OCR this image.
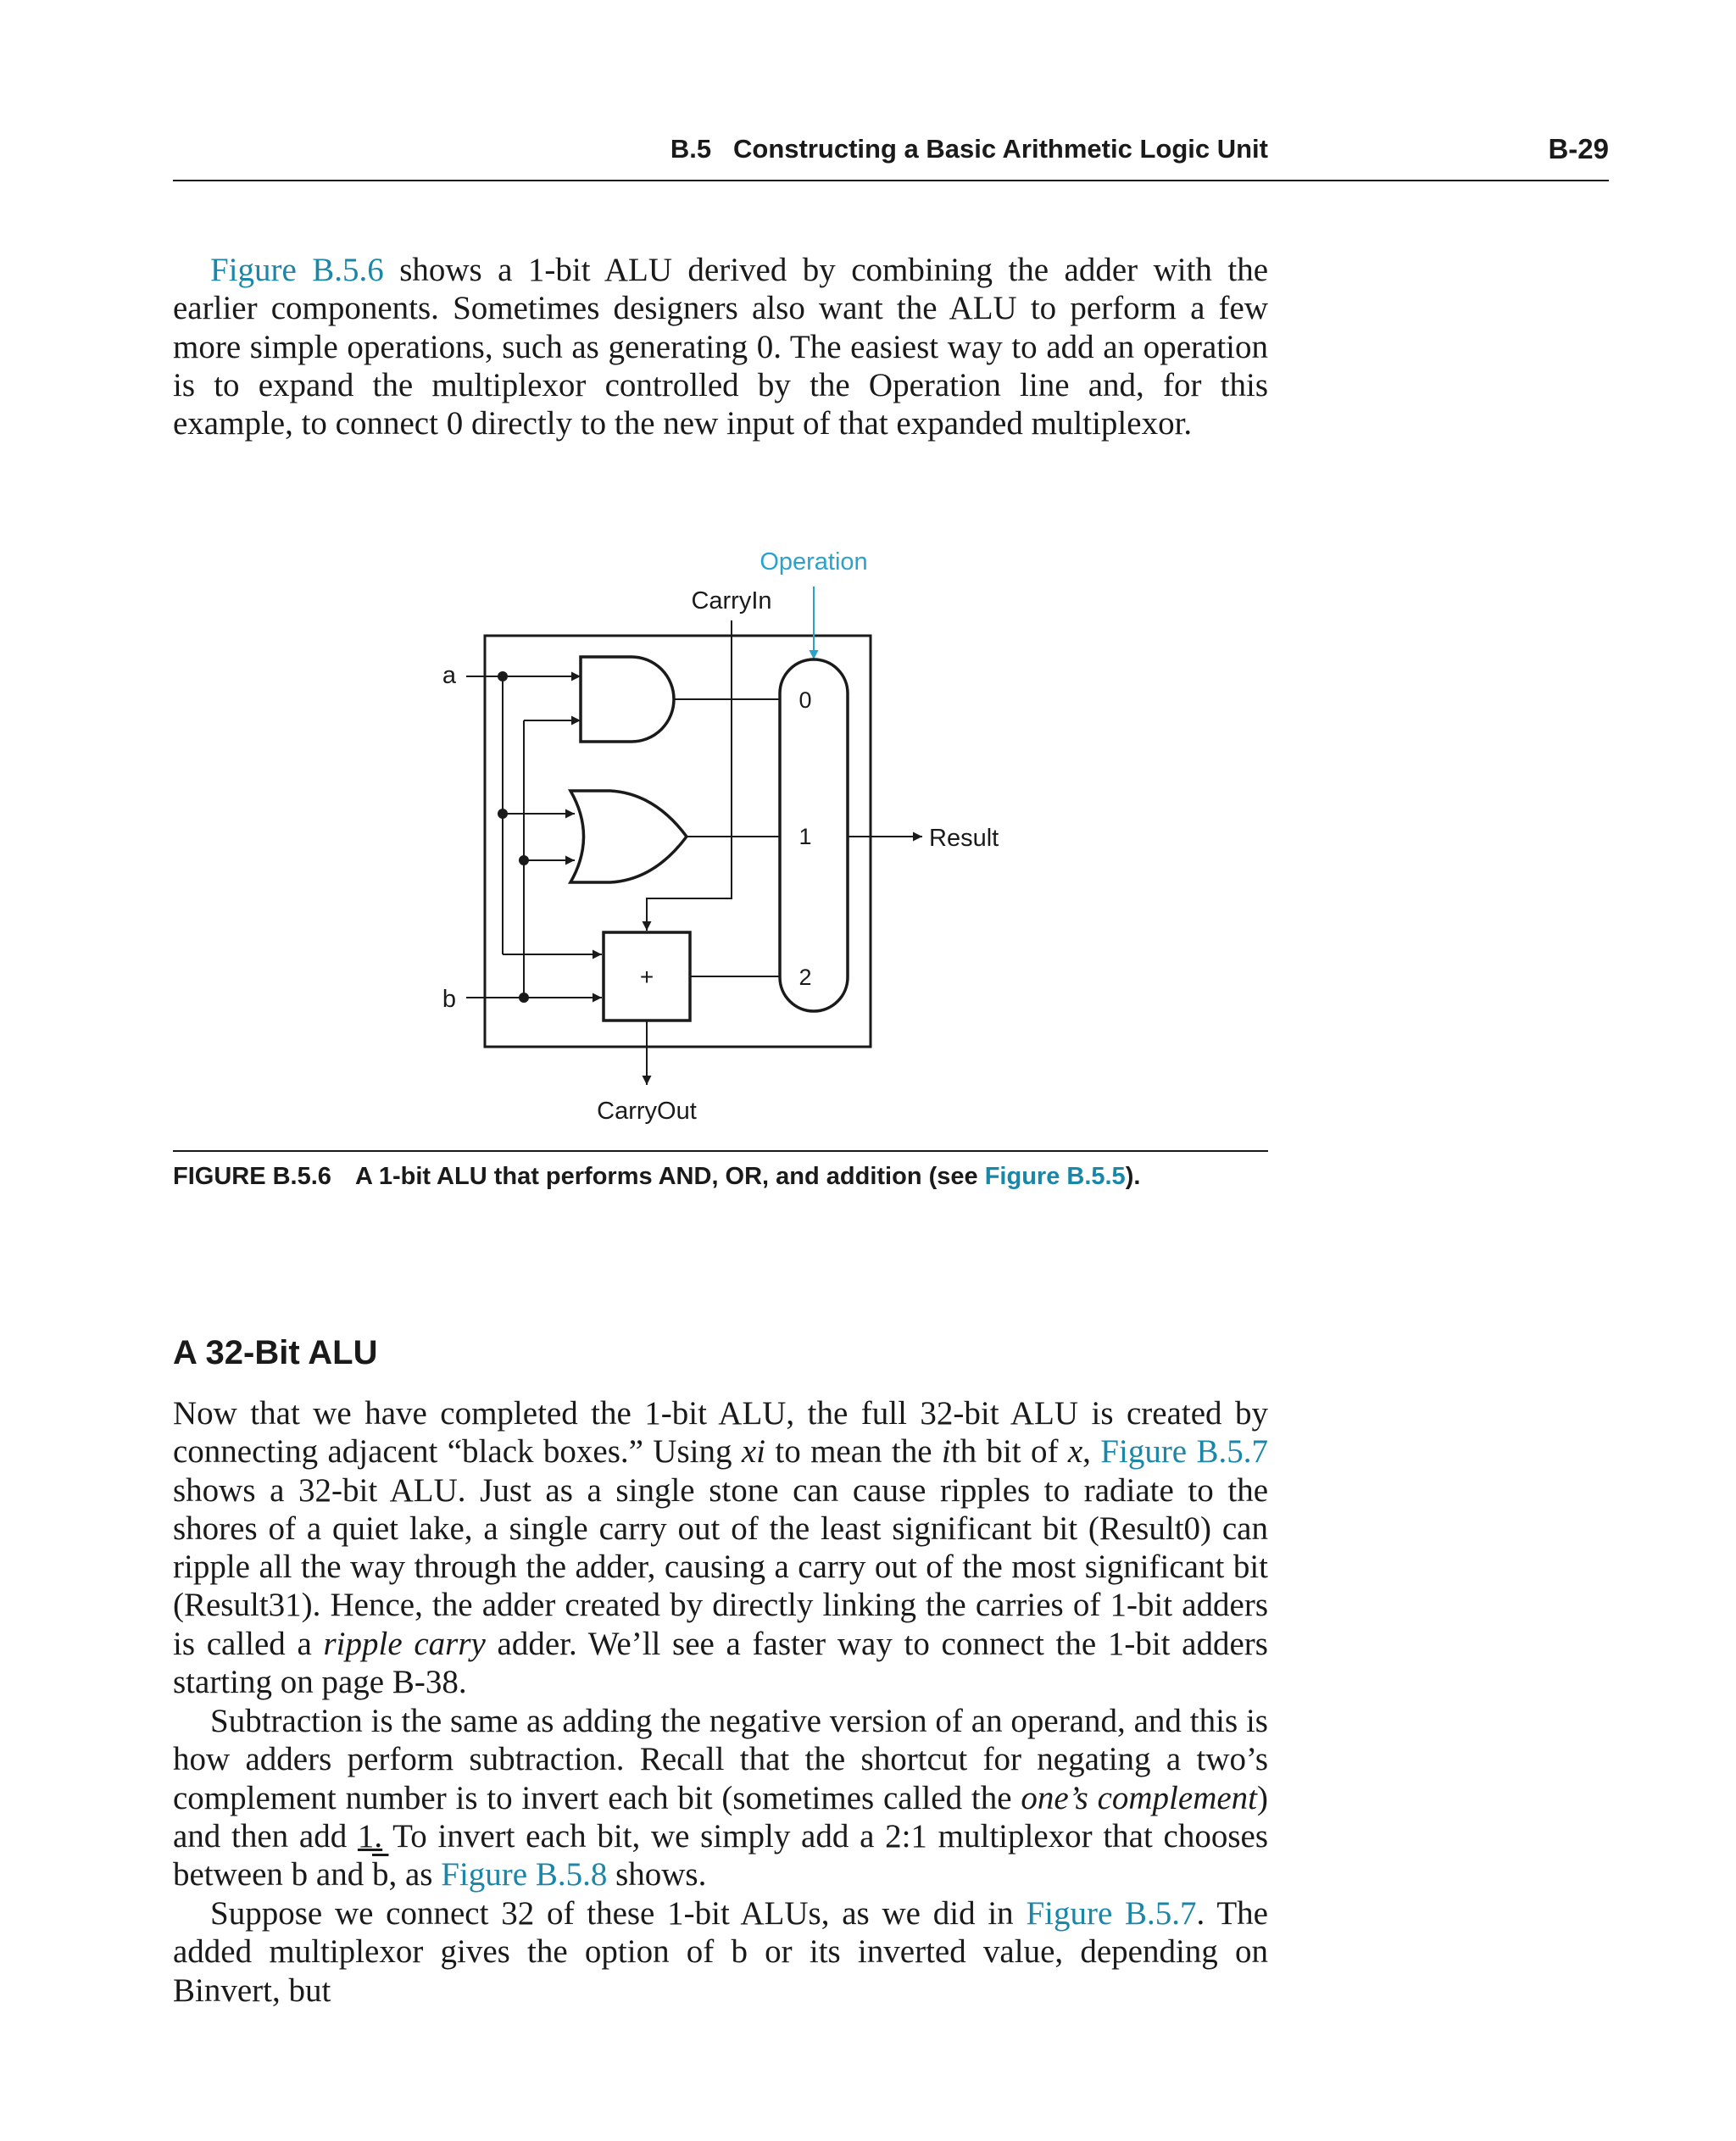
B.5 Constructing a Basic Arithmetic Logic Unit	B-29

Figure B.5.6 shows a 1-bit ALU derived by combining the adder with the earlier components. Sometimes designers also want the ALU to perform a few more simple operations, such as generating 0. The easiest way to add an operation is to expand the multiplexor controlled by the Operation line and, for this example, to connect 0 directly to the new input of that expanded multiplexor.

Operation
CarryIn
a
b
+
CarryOut
0
1
2
Result
FIGURE B.5.6 A 1-bit ALU that performs AND, OR, and addition (see Figure B.5.5).
A 32-Bit ALU

Now that we have completed the 1-bit ALU, the full 32-bit ALU is created by connecting adjacent “black boxes.” Using xi to mean the ith bit of x, Figure B.5.7 shows a 32-bit ALU. Just as a single stone can cause ripples to radiate to the shores of a quiet lake, a single carry out of the least significant bit (Result0) can ripple all the way through the adder, causing a carry out of the most significant bit (Result31). Hence, the adder created by directly linking the carries of 1-bit adders is called a ripple carry adder. We’ll see a faster way to connect the 1-bit adders starting on page B-38.

Subtraction is the same as adding the negative version of an operand, and this is how adders perform subtraction. Recall that the shortcut for negating a two’s complement number is to invert each bit (sometimes called the one’s complement) and then add 1. To invert each bit, we simply add a 2:1 multiplexor that chooses between b and $\overline{b}$, as Figure B.5.8 shows.

Suppose we connect 32 of these 1-bit ALUs, as we did in Figure B.5.7. The added multiplexor gives the option of b or its inverted value, depending on Binvert, but
